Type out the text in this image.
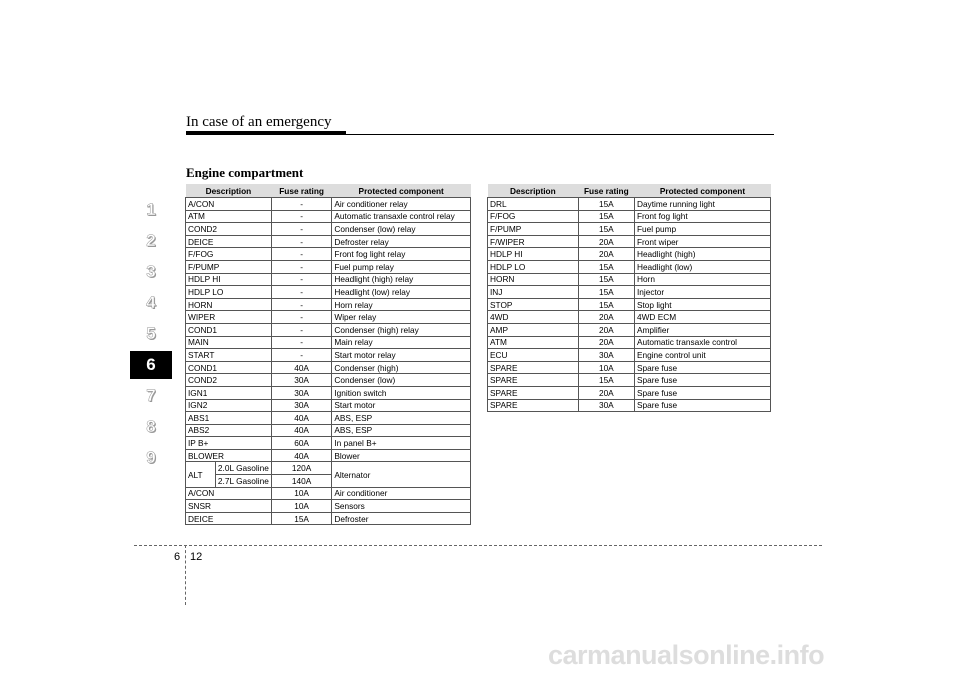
In case of an emergency
Engine compartment
1
2
3
4
5
6
7
8
9
Description		Fuse rating	Protected component
A/CON		-	Air conditioner relay
ATM		-	Automatic transaxle control relay
COND2		-	Condenser (low) relay
DEICE		-	Defroster relay
F/FOG		-	Front fog light relay
F/PUMP		-	Fuel pump relay
HDLP HI		-	Headlight (high) relay
HDLP LO		-	Headlight (low) relay
HORN		-	Horn relay
WIPER		-	Wiper relay
COND1		-	Condenser (high) relay
MAIN		-	Main relay
START		-	Start motor relay
COND1		40A	Condenser (high)
COND2		30A	Condenser (low)
IGN1		30A	Ignition switch
IGN2		30A	Start motor
ABS1		40A	ABS, ESP
ABS2		40A	ABS, ESP
IP B+		60A	In panel B+
BLOWER		40A	Blower
ALT	2.0L Gasoline	120A	Alternator
	2.7L Gasoline	140A	
A/CON		10A	Air conditioner
SNSR		10A	Sensors
DEICE		15A	Defroster
Description	Fuse rating	Protected component
DRL	15A	Daytime running light
F/FOG	15A	Front fog light
F/PUMP	15A	Fuel pump
F/WIPER	20A	Front wiper
HDLP HI	20A	Headlight (high)
HDLP LO	15A	Headlight (low)
HORN	15A	Horn
INJ	15A	Injector
STOP	15A	Stop light
4WD	20A	4WD ECM
AMP	20A	Amplifier
ATM	20A	Automatic transaxle control
ECU	30A	Engine control unit
SPARE	10A	Spare fuse
SPARE	15A	Spare fuse
SPARE	20A	Spare fuse
SPARE	30A	Spare fuse
6 12
carmanualsonline.info
